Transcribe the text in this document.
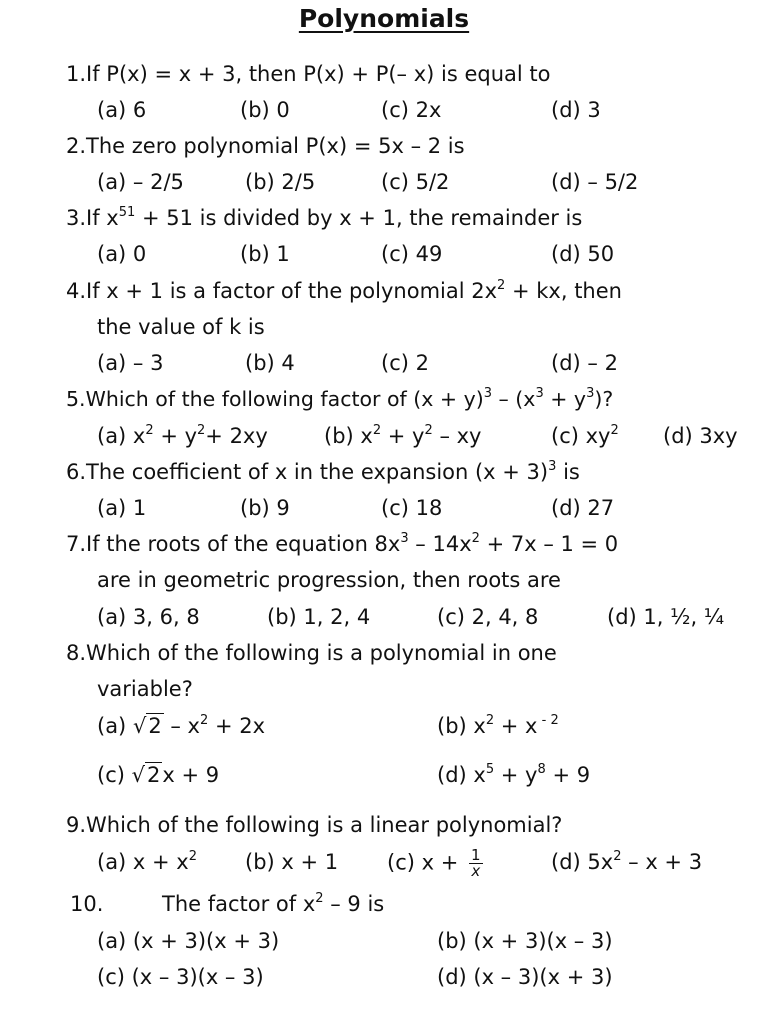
Polynomials
1.If P(x) = x + 3, then P(x) + P(– x) is equal to
(a) 6	(b) 0	(c) 2x	(d) 3
2.The zero polynomial P(x) = 5x – 2 is
(a) – 2/5	(b) 2/5	(c) 5/2	(d) – 5/2
3.If $x^{51} + 51$ is divided by x + 1, the remainder is
(a) 0	(b) 1	(c) 49	(d) 50
4.If x + 1 is a factor of the polynomial $2x^2$ + kx, then
the value of k is
(a) – 3	(b) 4	(c) 2	(d) – 2
5.Which of the following factor of $(x + y)^3 - (x^3 + y^3)$?
(a) $x^2 + y^2+ 2xy$	(b) $x^2 + y^2$ – xy	(c) $xy^2$ (d) 3xy
6.The coefficient of x in the expansion $(x + 3)^3$ is
(a) 1	(b) 9	(c) 18	(d) 27
7.If the roots of the equation $8x^3 - 14x^2 + 7x - 1 = 0$
are in geometric progression, then roots are
(a) 3, 6, 8	(b) 1, 2, 4	(c) 2, 4, 8	(d) 1, ½, ¼
8.Which of the following is a polynomial in one
variable?
(a) $√2 - x^2 + 2x$	(b) $x^2 + x$ $^{- 2}$
(c) √2x + 9	(d) $x^5 + y^8 + 9$
9.Which of the following is a linear polynomial?
(a) $x + x^2$ (b) x + 1 (c) $x + \frac{1}{x}$	(d) $5x^2 - x + 3$
10.	The factor of $x^2 - 9$ is
(a) (x + 3)(x + 3)	(b) (x + 3)(x – 3)
(c) (x – 3)(x – 3)	(d) (x – 3)(x + 3)
